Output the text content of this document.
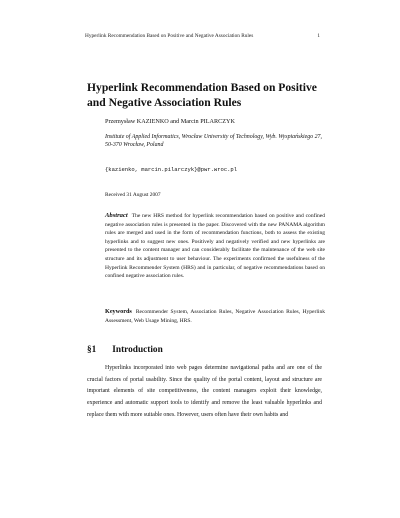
Hyperlink Recommendation Based on Positive and Negative Association Rules	1
Hyperlink Recommendation Based on Positive and Negative Association Rules
Przemysław KAZIENKO and Marcin PILARCZYK
Institute of Applied Informatics, Wrocław University of Technology, Wyb. Wyspiańskiego 27, 50-370 Wrocław, Poland
{kazienko, marcin.pilarczyk}@pwr.wroc.pl
Received 31 August 2007
Abstract The new HRS method for hyperlink recommendation based on positive and confined negative association rules is presented in the paper. Discovered with the new PANAMA algorithm rules are merged and used in the form of recommendation functions, both to assess the existing hyperlinks and to suggest new ones. Positively and negatively verified and new hyperlinks are presented to the content manager and can considerably facilitate the maintenance of the web site structure and its adjustment to user behaviour. The experiments confirmed the usefulness of the Hyperlink Recommender System (HRS) and in particular, of negative recommendations based on confined negative association rules.
Keywords Recommender System, Association Rules, Negative Association Rules, Hyperlink Assessment, Web Usage Mining, HRS.
§1 Introduction

Hyperlinks incorporated into web pages determine navigational paths and are one of the crucial factors of portal usability. Since the quality of the portal content, layout and structure are important elements of site competitiveness, the content managers exploit their knowledge, experience and automatic support tools to identify and remove the least valuable hyperlinks and replace them with more suitable ones. However, users often have their own habits and
